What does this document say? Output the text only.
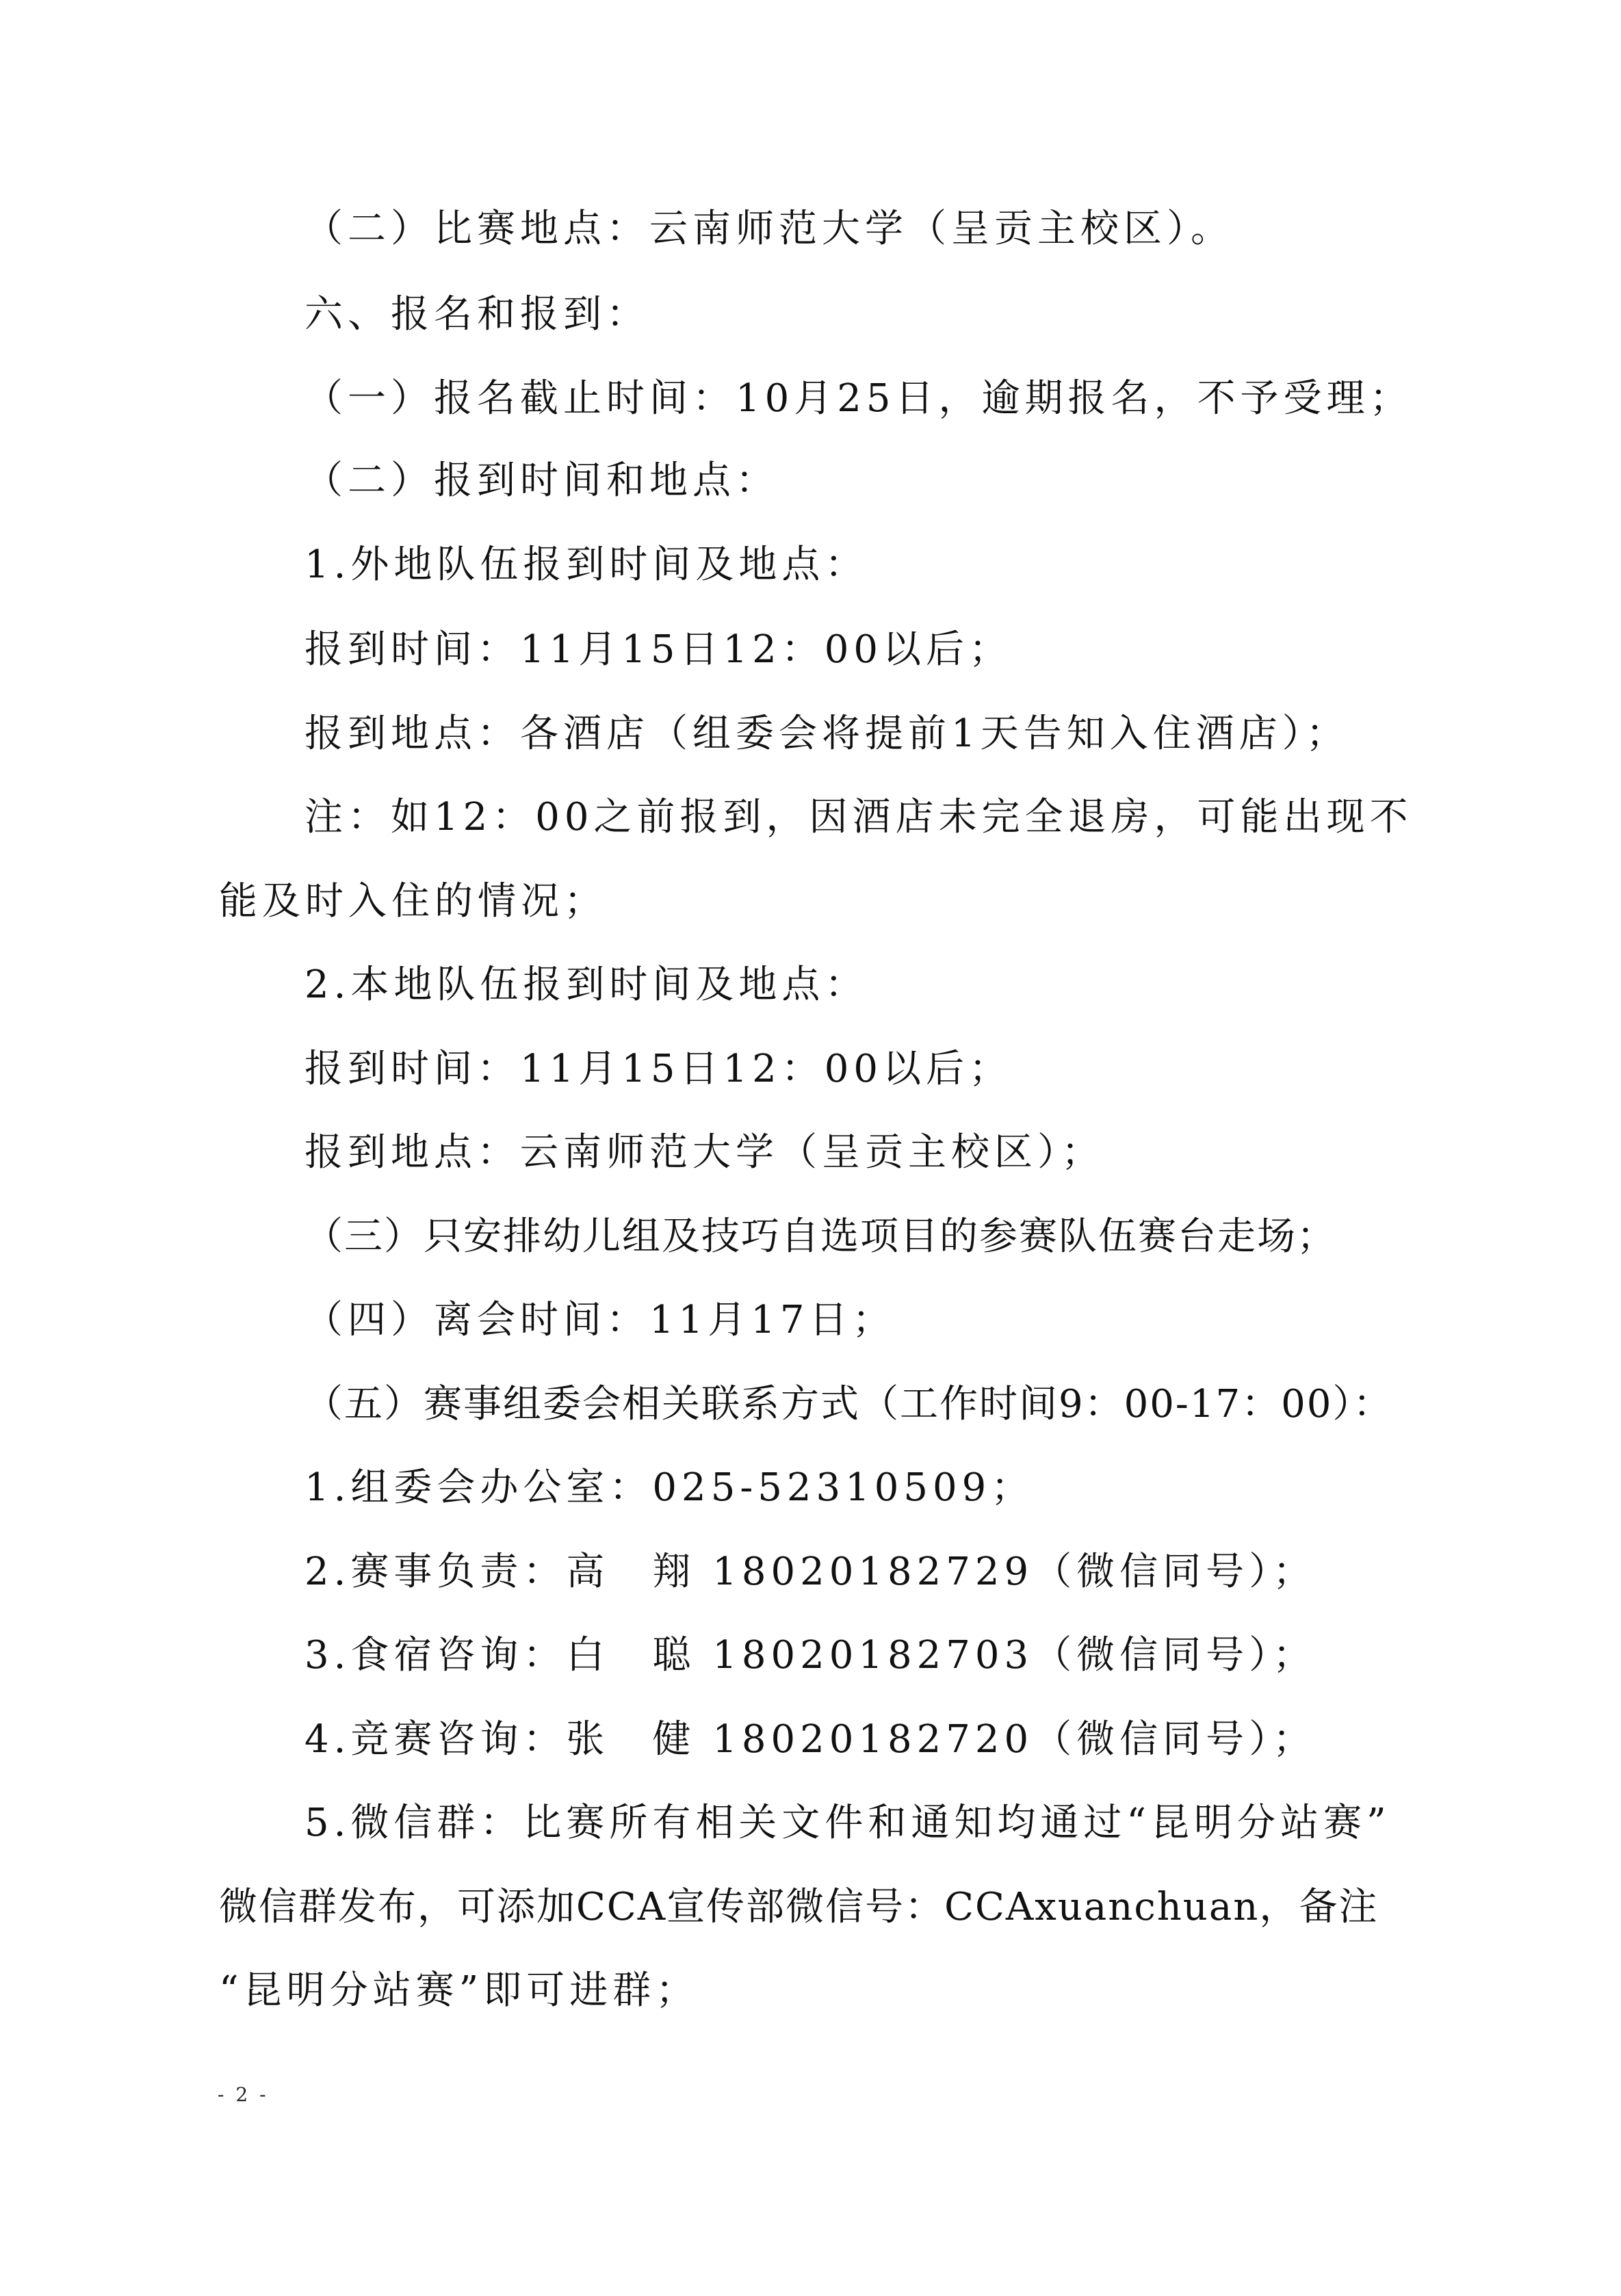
（二）比赛地点：云南师范大学（呈贡主校区）。
六、报名和报到：
（一）报名截止时间：10月25日，逾期报名，不予受理；
（二）报到时间和地点：
1.外地队伍报到时间及地点：
报到时间：11月15日12：00以后；
报到地点：各酒店（组委会将提前1天告知入住酒店）；
注：如12：00之前报到，因酒店未完全退房，可能出现不
能及时入住的情况；
2.本地队伍报到时间及地点：
报到时间：11月15日12：00以后；
报到地点：云南师范大学（呈贡主校区）；
（三）只安排幼儿组及技巧自选项目的参赛队伍赛台走场；
（四）离会时间：11月17日；
（五）赛事组委会相关联系方式（工作时间9：00-17：00）：
1.组委会办公室：025-52310509；
2.赛事负责：高　翔 18020182729（微信同号）；
3.食宿咨询：白　聪 18020182703（微信同号）；
4.竞赛咨询：张　健 18020182720（微信同号）；
5.微信群：比赛所有相关文件和通知均通过“昆明分站赛”
微信群发布，可添加CCA宣传部微信号：CCAxuanchuan，备注
“昆明分站赛”即可进群；
- 2 -
